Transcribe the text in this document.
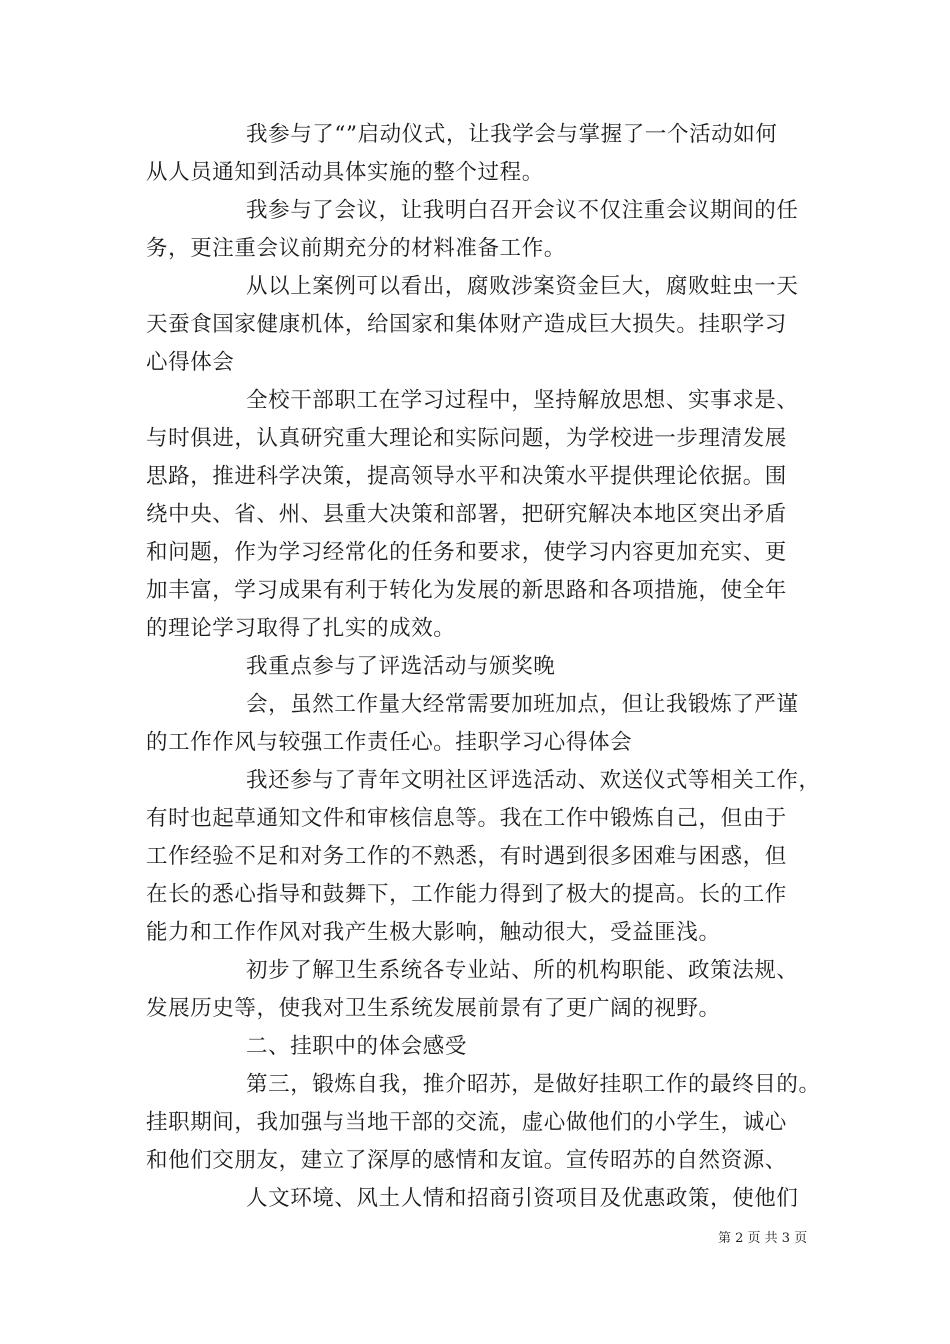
我参与了“”启动仪式，让我学会与掌握了一个活动如何
从人员通知到活动具体实施的整个过程。
我参与了会议，让我明白召开会议不仅注重会议期间的任
务，更注重会议前期充分的材料准备工作。
从以上案例可以看出，腐败涉案资金巨大，腐败蛀虫一天
天蚕食国家健康机体，给国家和集体财产造成巨大损失。挂职学习
心得体会
全校干部职工在学习过程中，坚持解放思想、实事求是、
与时俱进，认真研究重大理论和实际问题，为学校进一步理清发展
思路，推进科学决策，提高领导水平和决策水平提供理论依据。围
绕中央、省、州、县重大决策和部署，把研究解决本地区突出矛盾
和问题，作为学习经常化的任务和要求，使学习内容更加充实、更
加丰富，学习成果有利于转化为发展的新思路和各项措施，使全年
的理论学习取得了扎实的成效。
我重点参与了评选活动与颁奖晚
会，虽然工作量大经常需要加班加点，但让我锻炼了严谨
的工作作风与较强工作责任心。挂职学习心得体会
我还参与了青年文明社区评选活动、欢送仪式等相关工作，
有时也起草通知文件和审核信息等。我在工作中锻炼自己，但由于
工作经验不足和对务工作的不熟悉，有时遇到很多困难与困惑，但
在长的悉心指导和鼓舞下，工作能力得到了极大的提高。长的工作
能力和工作作风对我产生极大影响，触动很大，受益匪浅。
初步了解卫生系统各专业站、所的机构职能、政策法规、
发展历史等，使我对卫生系统发展前景有了更广阔的视野。
二、挂职中的体会感受
第三，锻炼自我，推介昭苏，是做好挂职工作的最终目的。
挂职期间，我加强与当地干部的交流，虚心做他们的小学生，诚心
和他们交朋友，建立了深厚的感情和友谊。宣传昭苏的自然资源、
人文环境、风土人情和招商引资项目及优惠政策，使他们
第 2 页 共 3 页
